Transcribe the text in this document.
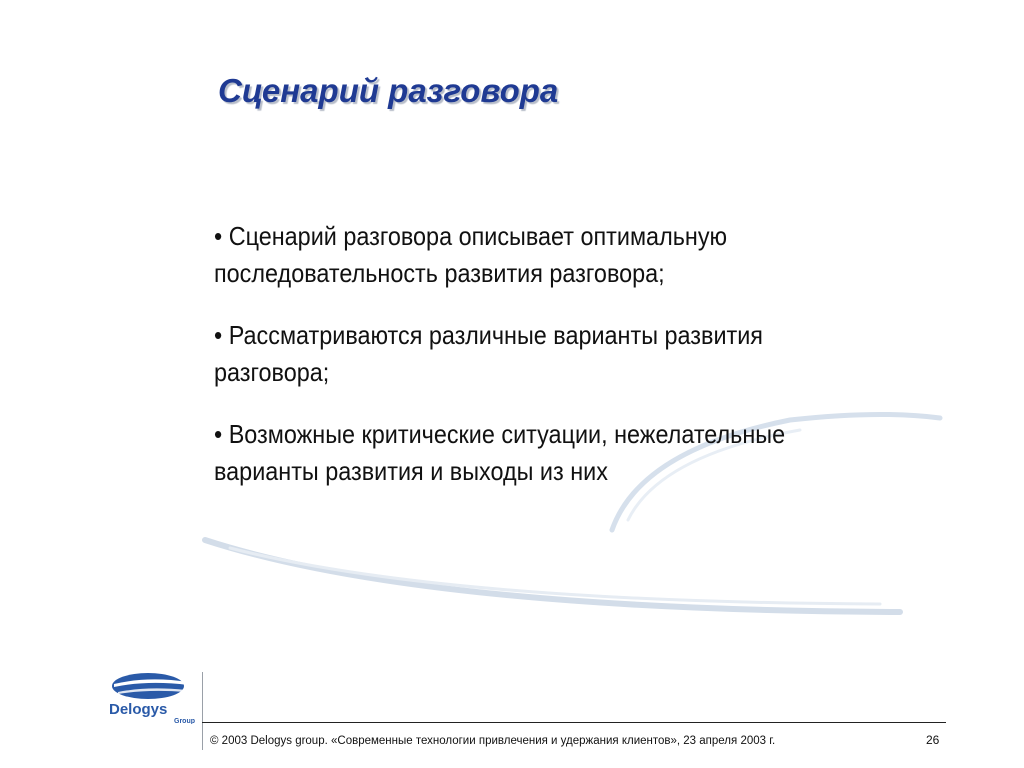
Сценарий разговора
• Сценарий разговора описывает оптимальную последовательность развития разговора;
• Рассматриваются различные варианты развития разговора;
• Возможные критические ситуации, нежелательные варианты развития и выходы из них
Delogys
Group
© 2003 Delogys group. «Современные технологии привлечения и удержания клиентов», 23 апреля 2003 г.	26
